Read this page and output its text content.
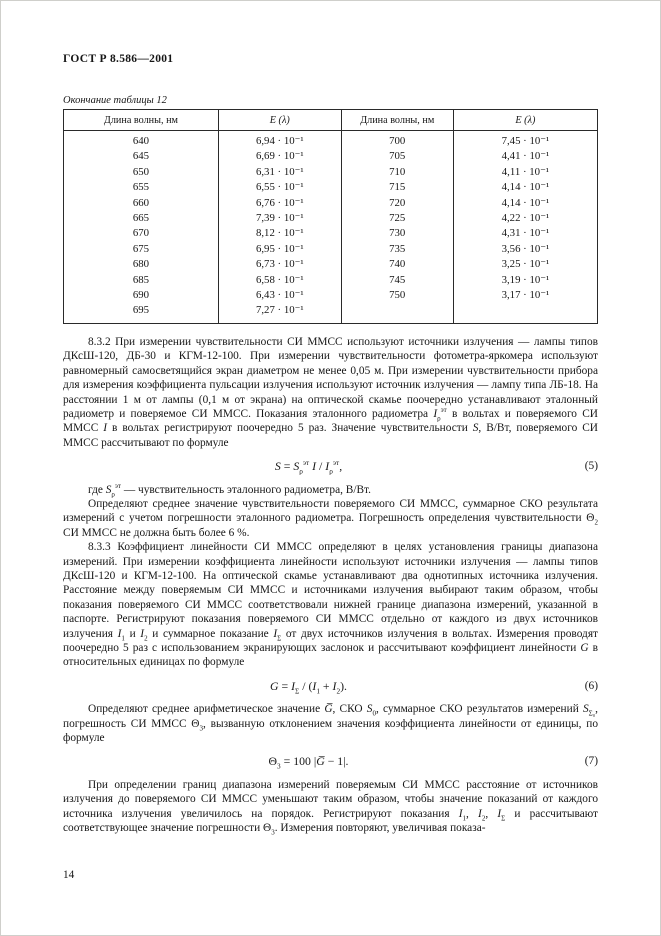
ГОСТ Р 8.586—2001
Окончание таблицы 12
Длина волны, нм	E (λ)	Длина волны, нм	E (λ)
640	6,94 · 10⁻¹	700	7,45 · 10⁻¹
645	6,69 · 10⁻¹	705	4,41 · 10⁻¹
650	6,31 · 10⁻¹	710	4,11 · 10⁻¹
655	6,55 · 10⁻¹	715	4,14 · 10⁻¹
660	6,76 · 10⁻¹	720	4,14 · 10⁻¹
665	7,39 · 10⁻¹	725	4,22 · 10⁻¹
670	8,12 · 10⁻¹	730	4,31 · 10⁻¹
675	6,95 · 10⁻¹	735	3,56 · 10⁻¹
680	6,73 · 10⁻¹	740	3,25 · 10⁻¹
685	6,58 · 10⁻¹	745	3,19 · 10⁻¹
690	6,43 · 10⁻¹	750	3,17 · 10⁻¹
695	7,27 · 10⁻¹		

8.3.2 При измерении чувствительности СИ ММСС используют источники излучения — лампы типов ДКсШ-120, ДБ-30 и КГМ-12-100. При измерении чувствительности фотометра-яркомера используют равномерный самосветящийся экран диаметром не менее 0,05 м. При измерении чувствительности прибора для измерения коэффициента пульсации излучения используют источник излучения — лампу типа ЛБ-18. На расстоянии 1 м от лампы (0,1 м от экрана) на оптической скамье поочередно устанавливают эталонный радиометр и поверяемое СИ ММСС. Показания эталонного радиометра $I_\rho^{эт}$ в вольтах и поверяемого СИ ММСС I в вольтах регистрируют поочередно 5 раз. Значение чувствительности S, В/Вт, поверяемого СИ ММСС рассчитывают по формуле

$S = S_\rho^{эт}$ I / $I_\rho^{эт}$,	(5)

где $S_\rho^{эт}$ — чувствительность эталонного радиометра, В/Вт.

Определяют среднее значение чувствительности поверяемого СИ ММСС, суммарное СКО результата измерений с учетом погрешности эталонного радиометра. Погрешность определения чувствительности $\Theta_2$ СИ ММСС не должна быть более 6 %.

8.3.3 Коэффициент линейности СИ ММСС определяют в целях установления границы диапазона измерений. При измерении коэффициента линейности используют источники излучения — лампы типов ДКсШ-120 и КГМ-12-100. На оптической скамье устанавливают два однотипных источника излучения. Расстояние между поверяемым СИ ММСС и источниками излучения выбирают таким образом, чтобы показания поверяемого СИ ММСС соответствовали нижней границе диапазона измерений, указанной в паспорте. Регистрируют показания поверяемого СИ ММСС отдельно от каждого из двух источников излучения $I_1$ и $I_2$ и суммарное показание $I_\Sigma$ от двух источников излучения в вольтах. Измерения проводят поочередно 5 раз с использованием экранирующих заслонок и рассчитывают коэффициент линейности G в относительных единицах по формуле

$G = I_\Sigma / (I_1 + I_2)$.	(6)

Определяют среднее арифметическое значение G̅, СКО $S_0$, суммарное СКО результатов измерений $S_{\Sigma_0}$, погрешность СИ ММСС $\Theta_3$, вызванную отклонением значения коэффициента линейности от единицы, по формуле

$\Theta_3 = 100$ |G̅ − 1|.	(7)

При определении границ диапазона измерений поверяемым СИ ММСС расстояние от источников излучения до поверяемого СИ ММСС уменьшают таким образом, чтобы значение показаний от каждого источника излучения увеличилось на порядок. Регистрируют показания $I_1$, $I_2$, $I_\Sigma$ и рассчитывают соответствующее значение погрешности $\Theta_3$. Измерения повторяют, увеличивая показа-

14
